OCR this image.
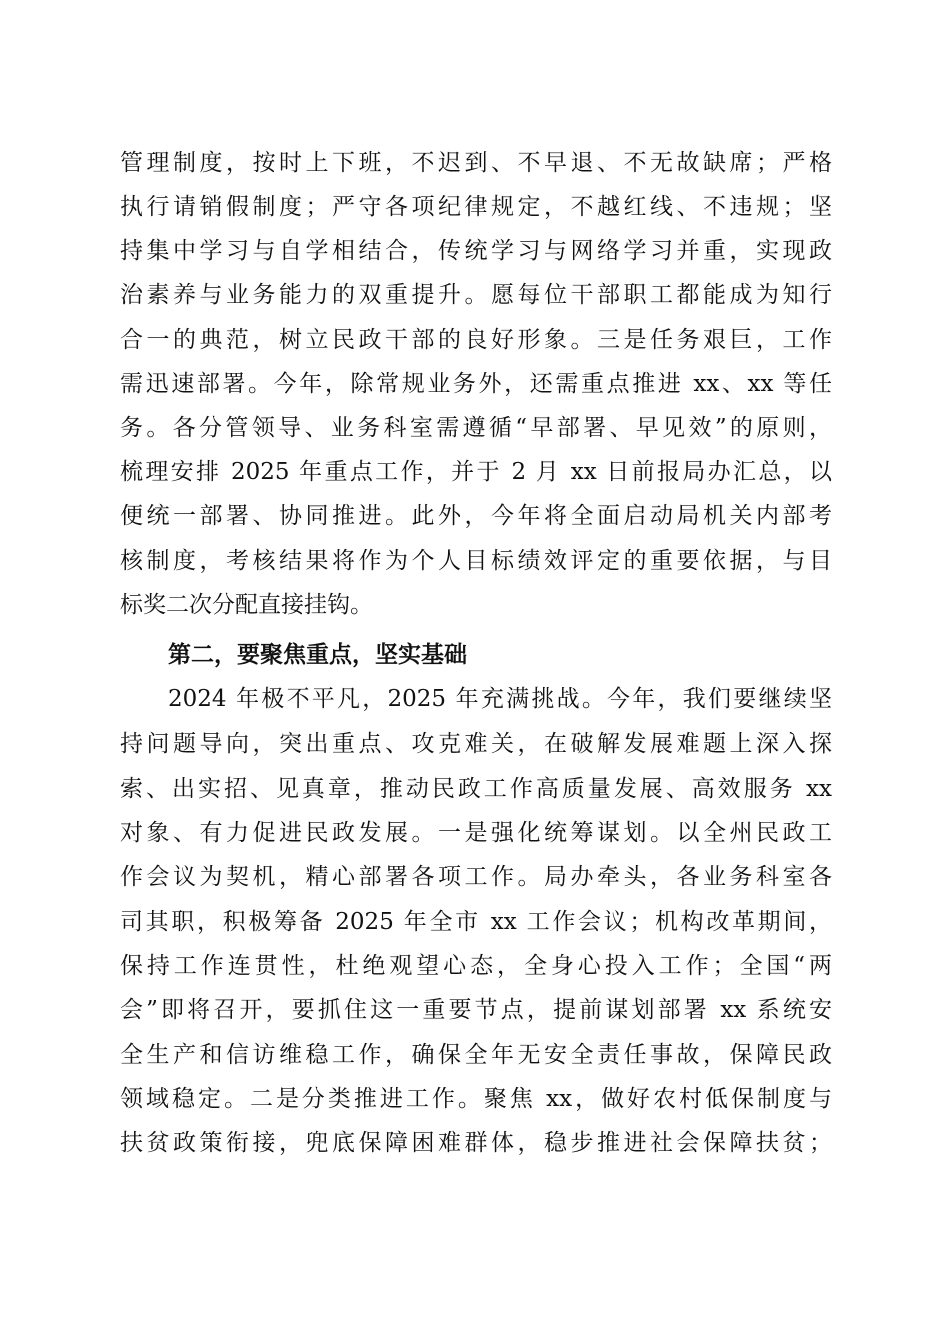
管理制度，按时上下班，不迟到、不早退、不无故缺席；严格
执行请销假制度；严守各项纪律规定，不越红线、不违规；坚
持集中学习与自学相结合，传统学习与网络学习并重，实现政
治素养与业务能力的双重提升。愿每位干部职工都能成为知行
合一的典范，树立民政干部的良好形象。三是任务艰巨，工作
需迅速部署。今年，除常规业务外，还需重点推进 xx、xx 等任
务。各分管领导、业务科室需遵循“早部署、早见效”的原则，
梳理安排 2025 年重点工作，并于 2 月 xx 日前报局办汇总，以
便统一部署、协同推进。此外，今年将全面启动局机关内部考
核制度，考核结果将作为个人目标绩效评定的重要依据，与目
标奖二次分配直接挂钩。
第二，要聚焦重点，坚实基础
2024 年极不平凡，2025 年充满挑战。今年，我们要继续坚
持问题导向，突出重点、攻克难关，在破解发展难题上深入探
索、出实招、见真章，推动民政工作高质量发展、高效服务 xx
对象、有力促进民政发展。一是强化统筹谋划。以全州民政工
作会议为契机，精心部署各项工作。局办牵头，各业务科室各
司其职，积极筹备 2025 年全市 xx 工作会议；机构改革期间，
保持工作连贯性，杜绝观望心态，全身心投入工作；全国“两
会”即将召开，要抓住这一重要节点，提前谋划部署 xx 系统安
全生产和信访维稳工作，确保全年无安全责任事故，保障民政
领域稳定。二是分类推进工作。聚焦 xx，做好农村低保制度与
扶贫政策衔接，兜底保障困难群体，稳步推进社会保障扶贫；
